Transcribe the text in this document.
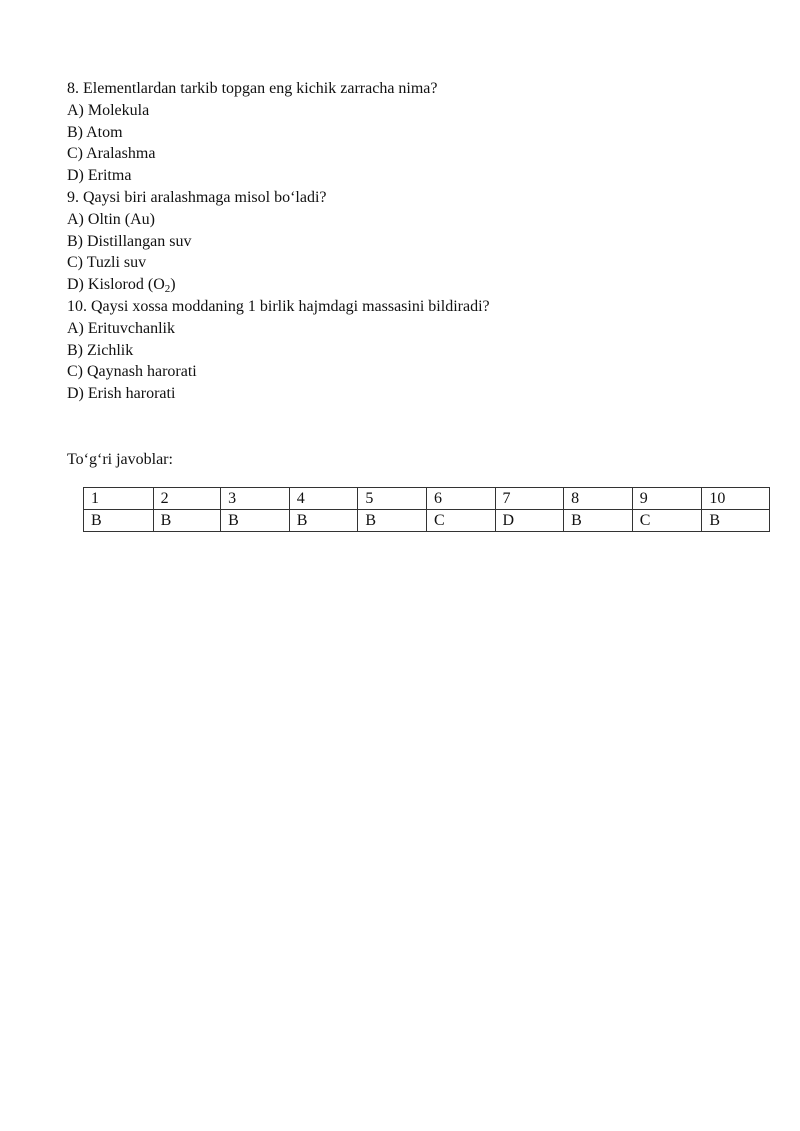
8. Elementlardan tarkib topgan eng kichik zarracha nima?
A) Molekula
B) Atom
C) Aralashma
D) Eritma
9. Qaysi biri aralashmaga misol bo‘ladi?
A) Oltin (Au)
B) Distillangan suv
C) Tuzli suv
D) Kislorod $(O_2)$
10. Qaysi xossa moddaning 1 birlik hajmdagi massasini bildiradi?
A) Erituvchanlik
B) Zichlik
C) Qaynash harorati
D) Erish harorati
To‘g‘ri javoblar:
1	2	3	4	5	6	7	8	9	10
B	B	B	B	B	C	D	B	C	B
